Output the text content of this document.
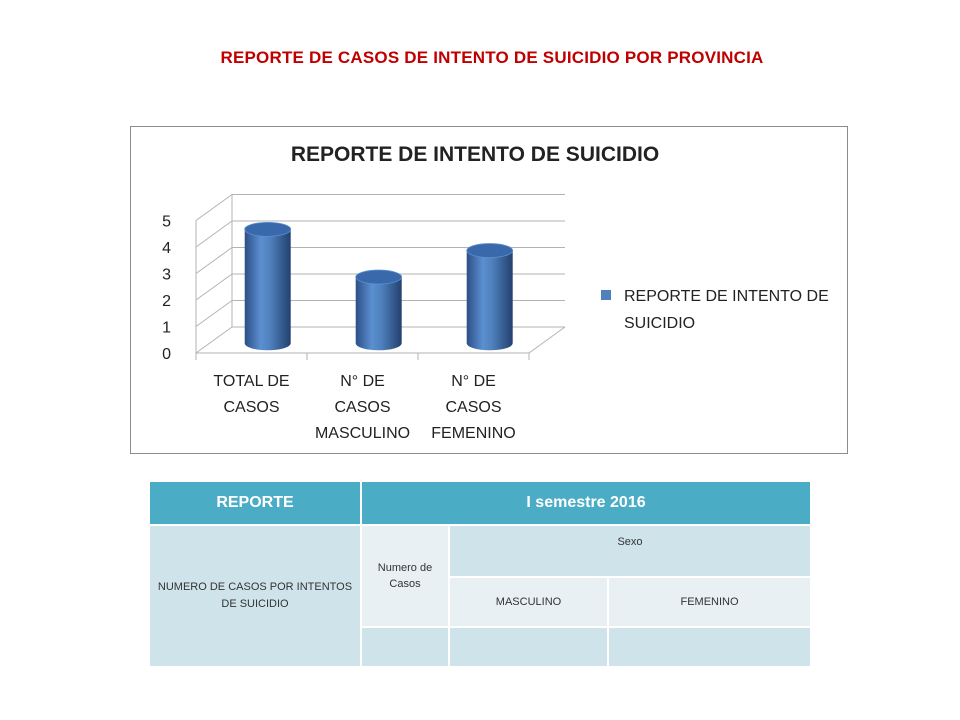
REPORTE DE CASOS DE INTENTO DE SUICIDIO POR PROVINCIA
REPORTE DE INTENTO DE SUICIDIO
0
1
2
3
4
5
TOTAL DE
CASOS
N° DE
CASOS
MASCULINO
N° DE
CASOS
FEMENINO
REPORTE DE INTENTO DE
SUICIDIO
REPORTE	I semestre 2016		
NUMERO DE CASOS POR INTENTOS DE SUICIDIO	Numero de Casos	Sexo	
		MASCULINO	FEMENINO
